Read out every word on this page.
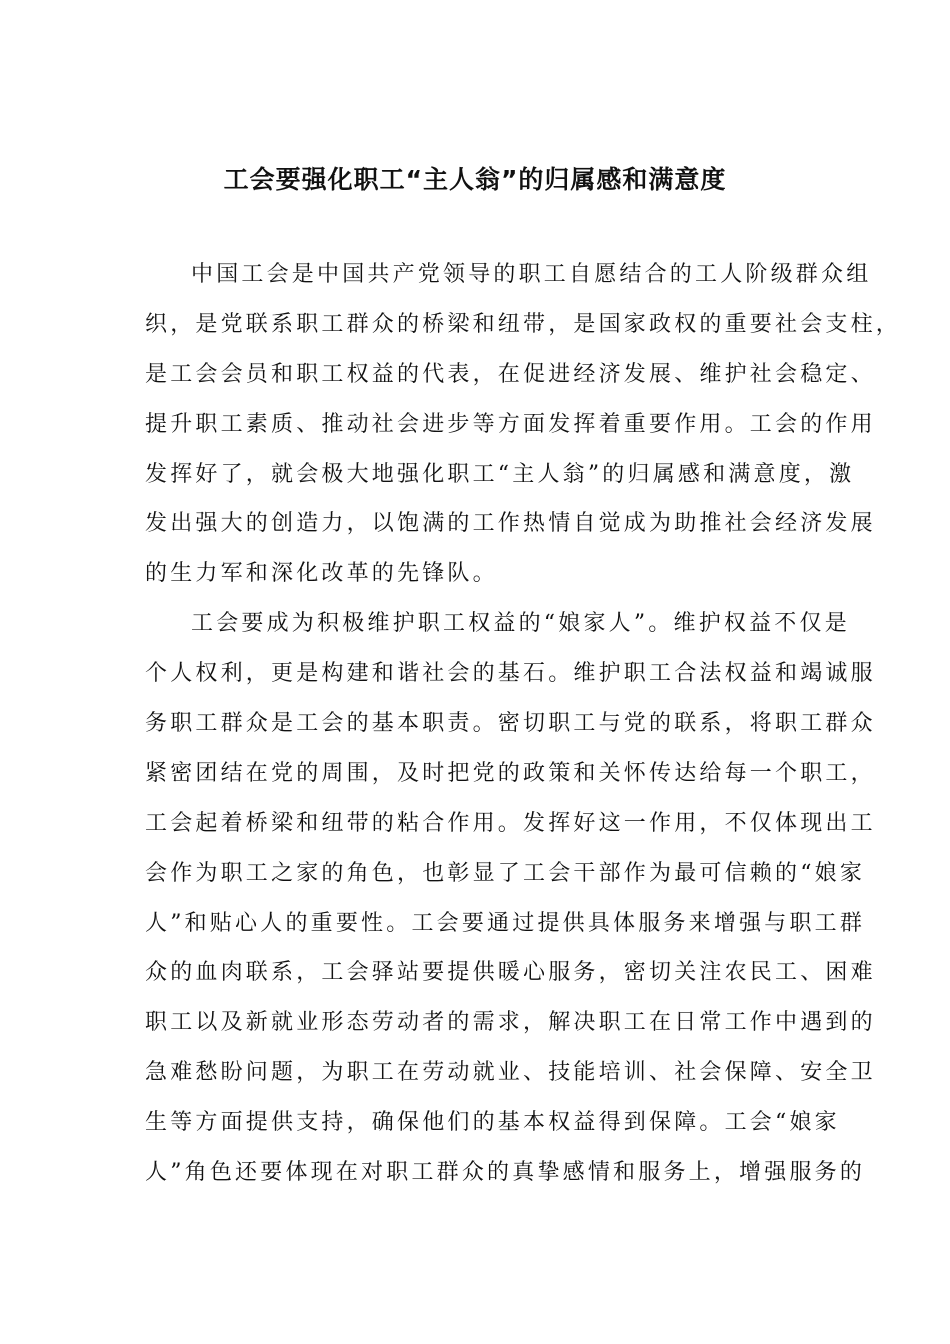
工会要强化职工“主人翁”的归属感和满意度
中国工会是中国共产党领导的职工自愿结合的工人阶级群众组
织，是党联系职工群众的桥梁和纽带，是国家政权的重要社会支柱，
是工会会员和职工权益的代表，在促进经济发展、维护社会稳定、
提升职工素质、推动社会进步等方面发挥着重要作用。工会的作用
发挥好了，就会极大地强化职工“主人翁”的归属感和满意度，激
发出强大的创造力，以饱满的工作热情自觉成为助推社会经济发展
的生力军和深化改革的先锋队。
工会要成为积极维护职工权益的“娘家人”。维护权益不仅是
个人权利，更是构建和谐社会的基石。维护职工合法权益和竭诚服
务职工群众是工会的基本职责。密切职工与党的联系，将职工群众
紧密团结在党的周围，及时把党的政策和关怀传达给每一个职工，
工会起着桥梁和纽带的粘合作用。发挥好这一作用，不仅体现出工
会作为职工之家的角色，也彰显了工会干部作为最可信赖的“娘家
人”和贴心人的重要性。工会要通过提供具体服务来增强与职工群
众的血肉联系，工会驿站要提供暖心服务，密切关注农民工、困难
职工以及新就业形态劳动者的需求，解决职工在日常工作中遇到的
急难愁盼问题，为职工在劳动就业、技能培训、社会保障、安全卫
生等方面提供支持，确保他们的基本权益得到保障。工会“娘家
人”角色还要体现在对职工群众的真挚感情和服务上，增强服务的
